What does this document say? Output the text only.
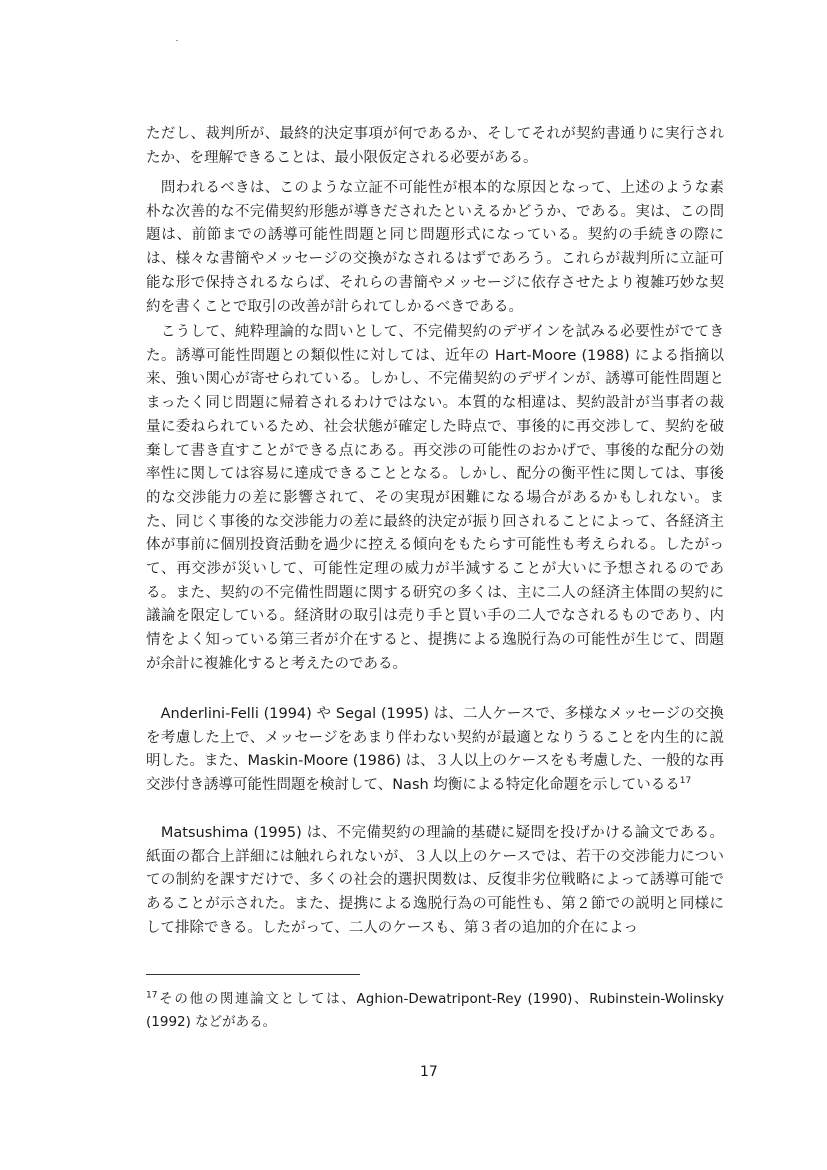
ただし、裁判所が、最終的決定事項が何であるか、そしてそれが契約書通りに実行されたか、を理解できることは、最小限仮定される必要がある。

　問われるべきは、このような立証不可能性が根本的な原因となって、上述のような素朴な次善的な不完備契約形態が導きだされたといえるかどうか、である。実は、この問題は、前節までの誘導可能性問題と同じ問題形式になっている。契約の手続きの際には、様々な書簡やメッセージの交換がなされるはずであろう。これらが裁判所に立証可能な形で保持されるならば、それらの書簡やメッセージに依存させたより複雑巧妙な契約を書くことで取引の改善が計られてしかるべきである。

　こうして、純粋理論的な問いとして、不完備契約のデザインを試みる必要性がでてきた。誘導可能性問題との類似性に対しては、近年の Hart-Moore (1988) による指摘以来、強い関心が寄せられている。しかし、不完備契約のデザインが、誘導可能性問題とまったく同じ問題に帰着されるわけではない。本質的な相違は、契約設計が当事者の裁量に委ねられているため、社会状態が確定した時点で、事後的に再交渉して、契約を破棄して書き直すことができる点にある。再交渉の可能性のおかげで、事後的な配分の効率性に関しては容易に達成できることとなる。しかし、配分の衡平性に関しては、事後的な交渉能力の差に影響されて、その実現が困難になる場合があるかもしれない。また、同じく事後的な交渉能力の差に最終的決定が振り回されることによって、各経済主体が事前に個別投資活動を過少に控える傾向をもたらす可能性も考えられる。したがって、再交渉が災いして、可能性定理の威力が半減することが大いに予想されるのである。また、契約の不完備性問題に関する研究の多くは、主に二人の経済主体間の契約に議論を限定している。経済財の取引は売り手と買い手の二人でなされるものであり、内情をよく知っている第三者が介在すると、提携による逸脱行為の可能性が生じて、問題が余計に複雑化すると考えたのである。

　Anderlini-Felli (1994) や Segal (1995) は、二人ケースで、多様なメッセージの交換を考慮した上で、メッセージをあまり伴わない契約が最適となりうることを内生的に説明した。また、Maskin-Moore (1986) は、３人以上のケースをも考慮した、一般的な再交渉付き誘導可能性問題を検討して、Nash 均衡による特定化命題を示しているる$^{17}$

　Matsushima (1995) は、不完備契約の理論的基礎に疑問を投げかける論文である。紙面の都合上詳細には触れられないが、３人以上のケースでは、若干の交渉能力についての制約を課すだけで、多くの社会的選択関数は、反復非劣位戦略によって誘導可能であることが示された。また、提携による逸脱行為の可能性も、第２節での説明と同様にして排除できる。したがって、二人のケースも、第３者の追加的介在によっ

$^{17}$その他の関連論文としては、Aghion-Dewatripont-Rey (1990)、Rubinstein-Wolinsky (1992) などがある。

17
